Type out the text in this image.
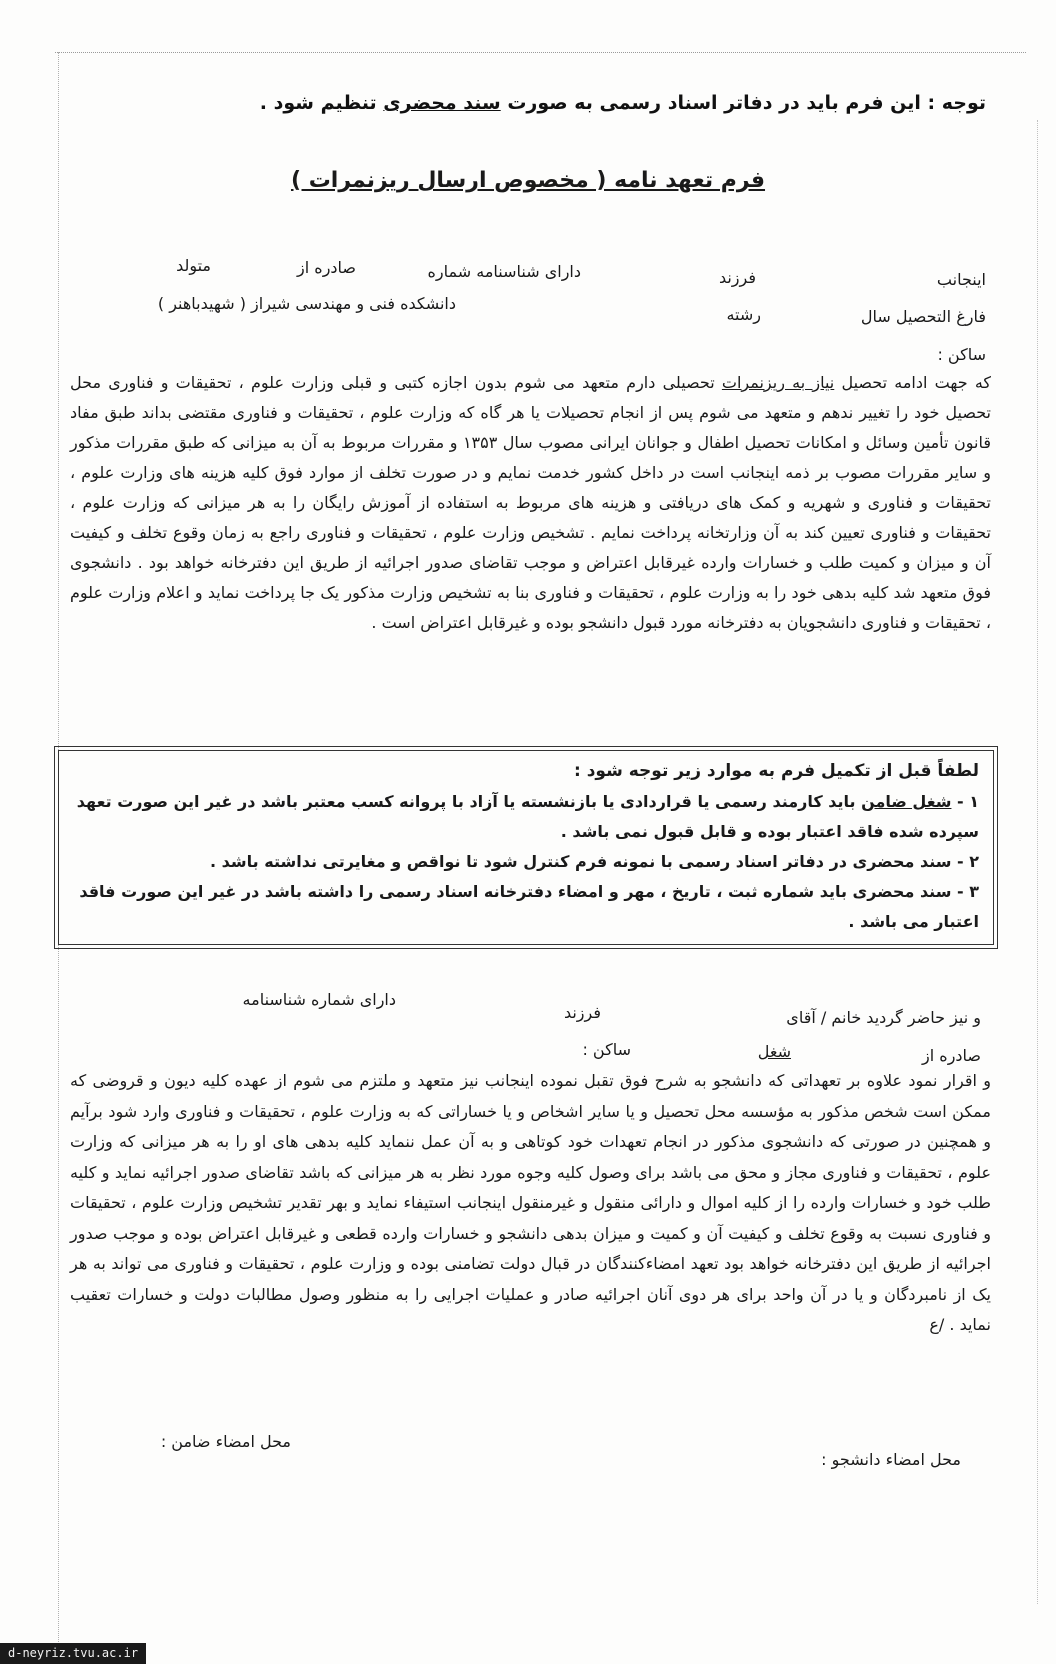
توجه : این فرم باید در دفاتر اسناد رسمی به صورت سند محضری تنظیم شود .
فرم تعهد نامه ( مخصوص ارسال ریزنمرات )
اینجانب
فرزند
دارای شناسنامه شماره
صادره از
متولد
فارغ التحصیل سال
رشته
دانشکده فنی و مهندسی شیراز ( شهیدباهنر )
ساکن :

که جهت ادامه تحصیل نیاز به ریزنمرات تحصیلی دارم متعهد می شوم بدون اجازه کتبی و قبلی وزارت علوم ، تحقیقات و فناوری محل تحصیل خود را تغییر ندهم و متعهد می شوم پس از انجام تحصیلات یا هر گاه که وزارت علوم ، تحقیقات و فناوری مقتضی بداند طبق مفاد قانون تأمین وسائل و امکانات تحصیل اطفال و جوانان ایرانی مصوب سال ۱۳۵۳ و مقررات مربوط به آن به میزانی که طبق مقررات مذکور و سایر مقررات مصوب بر ذمه اینجانب است در داخل کشور خدمت نمایم و در صورت تخلف از موارد فوق کلیه هزینه های وزارت علوم ، تحقیقات و فناوری و شهریه و کمک های دریافتی و هزینه های مربوط به استفاده از آموزش رایگان را به هر میزانی که وزارت علوم ، تحقیقات و فناوری تعیین کند به آن وزارتخانه پرداخت نمایم . تشخیص وزارت علوم ، تحقیقات و فناوری راجع به زمان وقوع تخلف و کیفیت آن و میزان و کمیت طلب و خسارات وارده غیرقابل اعتراض و موجب تقاضای صدور اجرائیه از طریق این دفترخانه خواهد بود . دانشجوی فوق متعهد شد کلیه بدهی خود را به وزارت علوم ، تحقیقات و فناوری بنا به تشخیص وزارت مذکور یک جا پرداخت نماید و اعلام وزارت علوم ، تحقیقات و فناوری دانشجویان به دفترخانه مورد قبول دانشجو بوده و غیرقابل اعتراض است .

لطفاً قبل از تکمیل فرم به موارد زیر توجه شود :
۱ - شغل ضامن باید کارمند رسمی یا قراردادی یا بازنشسته یا آزاد با پروانه کسب معتبر باشد در غیر این صورت تعهد سپرده شده فاقد اعتبار بوده و قابل قبول نمی باشد .
۲ - سند محضری در دفاتر اسناد رسمی با نمونه فرم کنترل شود تا نواقص و مغایرتی نداشته باشد .
۳ - سند محضری باید شماره ثبت ، تاریخ ، مهر و امضاء دفترخانه اسناد رسمی را داشته باشد در غیر این صورت فاقد اعتبار می باشد .
و نیز حاضر گردید خانم / آقای
فرزند
دارای شماره شناسنامه
صادره از
شغل
ساکن :
و اقرار نمود علاوه بر تعهداتی که دانشجو به شرح فوق تقبل نموده اینجانب نیز متعهد و ملتزم می شوم از عهده کلیه دیون و قروضی که ممکن است شخص مذکور به مؤسسه محل تحصیل و یا سایر اشخاص و یا خساراتی که به وزارت علوم ، تحقیقات و فناوری وارد شود برآیم و همچنین در صورتی که دانشجوی مذکور در انجام تعهدات خود کوتاهی و به آن عمل ننماید کلیه بدهی های او را به هر میزانی که وزارت علوم ، تحقیقات و فناوری مجاز و محق می باشد برای وصول کلیه وجوه مورد نظر به هر میزانی که باشد تقاضای صدور اجرائیه نماید و کلیه طلب خود و خسارات وارده را از کلیه اموال و دارائی منقول و غیرمنقول اینجانب استیفاء نماید و بهر تقدیر تشخیص وزارت علوم ، تحقیقات و فناوری نسبت به وقوع تخلف و کیفیت آن و کمیت و میزان بدهی دانشجو و خسارات وارده قطعی و غیرقابل اعتراض بوده و موجب صدور اجرائیه از طریق این دفترخانه خواهد بود تعهد امضاءکنندگان در قبال دولت تضامنی بوده و وزارت علوم ، تحقیقات و فناوری می تواند به هر یک از نامبردگان و یا در آن واحد برای هر دوی آنان اجرائیه صادر و عملیات اجرایی را به منظور وصول مطالبات دولت و خسارات تعقیب نماید . /ع
محل امضاء ضامن :
محل امضاء دانشجو :
d-neyriz.tvu.ac.ir
